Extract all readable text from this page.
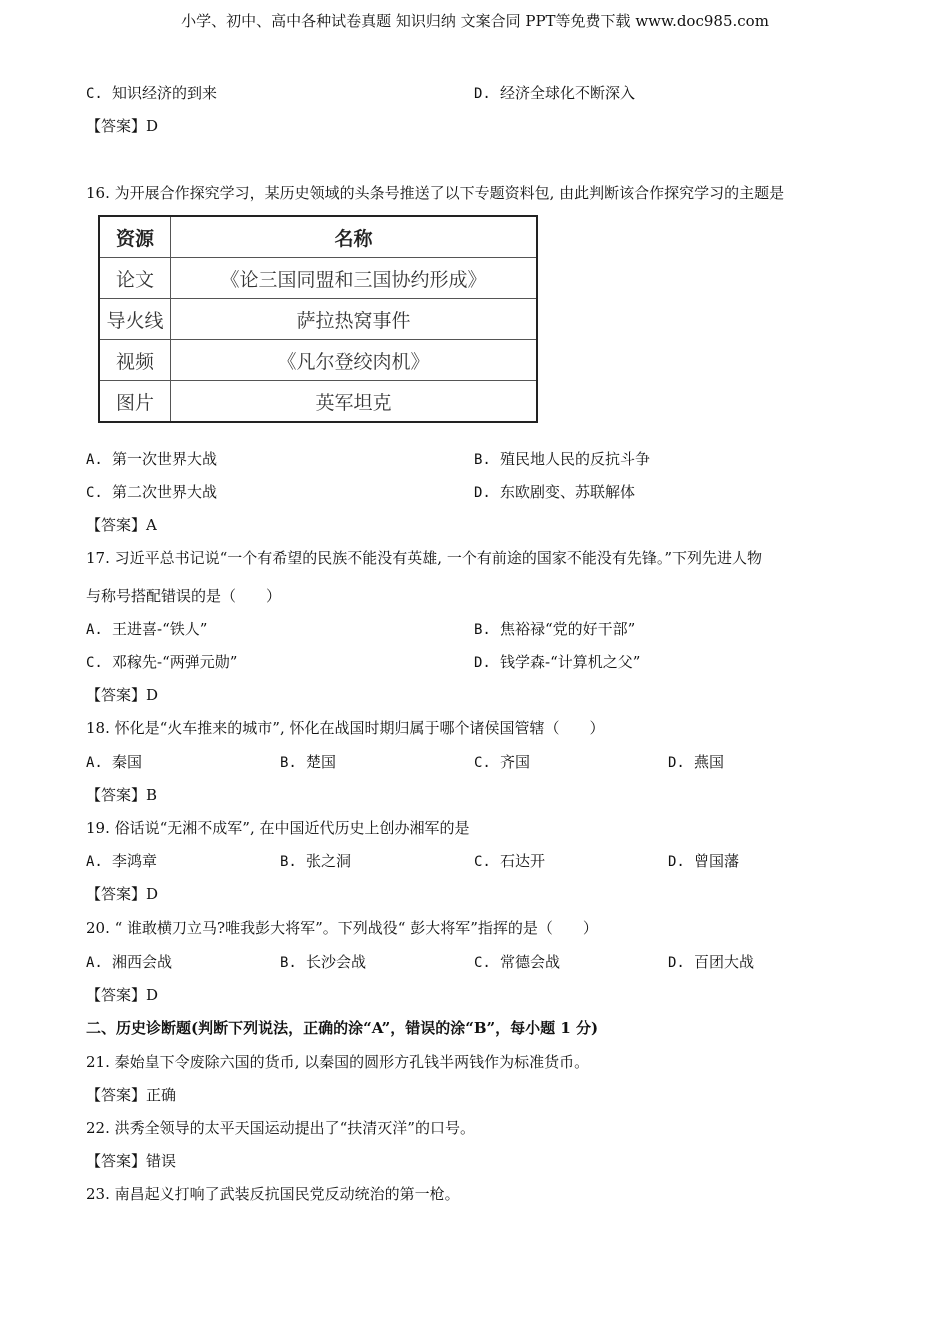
小学、初中、高中各种试卷真题 知识归纳 文案合同 PPT等免费下载 www.doc985.com
C. 知识经济的到来	D. 经济全球化不断深入
【答案】D
16. 为开展合作探究学习，某历史领域的头条号推送了以下专题资料包, 由此判断该合作探究学习的主题是
资源	名称
论文	《论三国同盟和三国协约形成》
导火线	萨拉热窝事件
视频	《凡尔登绞肉机》
图片	英军坦克
A. 第一次世界大战	B. 殖民地人民的反抗斗争
C. 第二次世界大战	D. 东欧剧变、苏联解体
【答案】A
17. 习近平总书记说“一个有希望的民族不能没有英雄, 一个有前途的国家不能没有先锋。”下列先进人物
与称号搭配错误的是（　　）
A. 王进喜-“铁人”	B. 焦裕禄“党的好干部”
C. 邓稼先-“两弹元勋”	D. 钱学森-“计算机之父”
【答案】D
18. 怀化是“火车推来的城市”, 怀化在战国时期归属于哪个诸侯国管辖（　　）
A. 秦国	B. 楚国	C. 齐国	D. 燕国
【答案】B
19. 俗话说“无湘不成军”, 在中国近代历史上创办湘军的是
A. 李鸿章	B. 张之洞	C. 石达开	D. 曾国藩
【答案】D
20. “ 谁敢横刀立马?唯我彭大将军”。下列战役“ 彭大将军”指挥的是（　　）
A. 湘西会战	B. 长沙会战	C. 常德会战	D. 百团大战
【答案】D
二、历史诊断题(判断下列说法，正确的涂“A”，错误的涂“B”，每小题 1 分)
21. 秦始皇下令废除六国的货币, 以秦国的圆形方孔钱半两钱作为标准货币。
【答案】正确
22. 洪秀全领导的太平天国运动提出了“扶清灭洋”的口号。
【答案】错误
23. 南昌起义打响了武装反抗国民党反动统治的第一枪。
